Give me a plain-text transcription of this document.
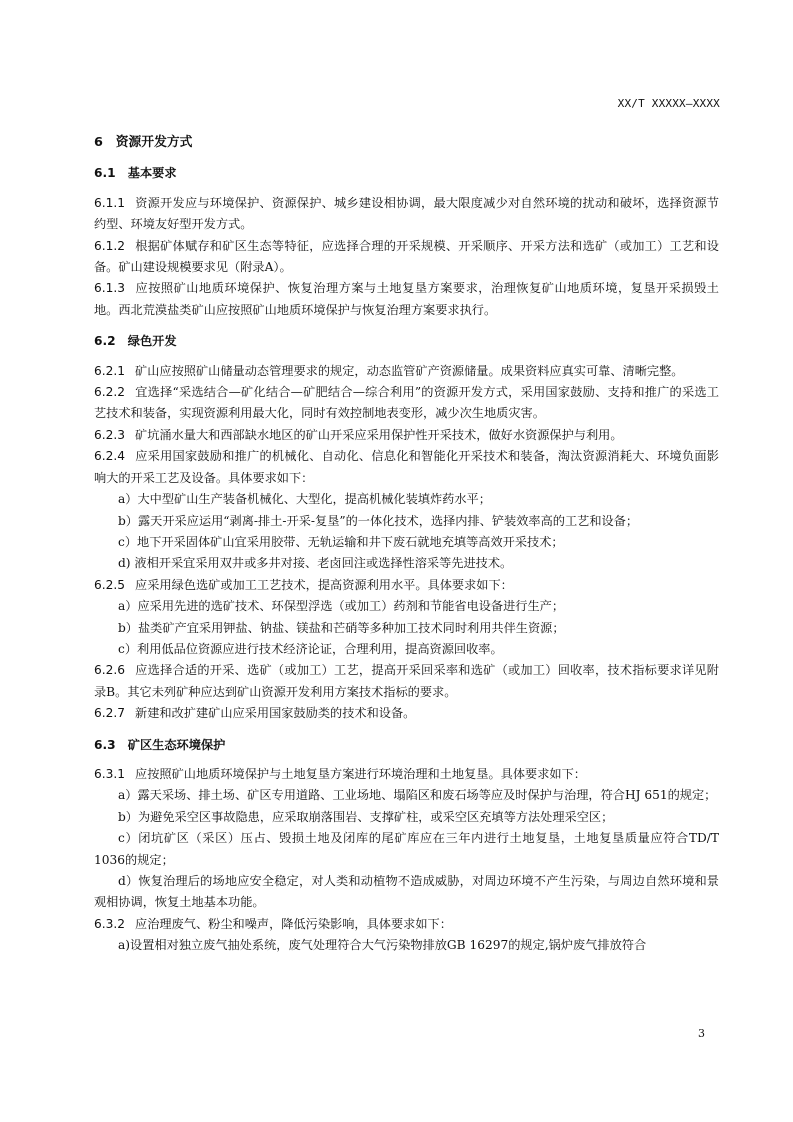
XX/T XXXXX—XXXX
6　资源开发方式
6.1　基本要求

6.1.1 资源开发应与环境保护、资源保护、城乡建设相协调，最大限度减少对自然环境的扰动和破坏，选择资源节约型、环境友好型开发方式。

6.1.2 根据矿体赋存和矿区生态等特征，应选择合理的开采规模、开采顺序、开采方法和选矿（或加工）工艺和设备。矿山建设规模要求见（附录A）。

6.1.3 应按照矿山地质环境保护、恢复治理方案与土地复垦方案要求，治理恢复矿山地质环境，复垦开采损毁土地。西北荒漠盐类矿山应按照矿山地质环境保护与恢复治理方案要求执行。

6.2　绿色开发

6.2.1 矿山应按照矿山储量动态管理要求的规定，动态监管矿产资源储量。成果资料应真实可靠、清晰完整。

6.2.2 宜选择“采选结合—矿化结合—矿肥结合—综合利用”的资源开发方式，采用国家鼓励、支持和推广的采选工艺技术和装备，实现资源利用最大化，同时有效控制地表变形，减少次生地质灾害。

6.2.3 矿坑涌水量大和西部缺水地区的矿山开采应采用保护性开采技术，做好水资源保护与利用。

6.2.4 应采用国家鼓励和推广的机械化、自动化、信息化和智能化开采技术和装备，淘汰资源消耗大、环境负面影响大的开采工艺及设备。具体要求如下：

a）大中型矿山生产装备机械化、大型化，提高机械化装填炸药水平；

b）露天开采应运用“剥离-排土-开采-复垦”的一体化技术，选择内排、铲装效率高的工艺和设备；

c）地下开采固体矿山宜采用胶带、无轨运输和井下废石就地充填等高效开采技术；

d) 液相开采宜采用双井或多井对接、老卤回注或选择性溶采等先进技术。

6.2.5 应采用绿色选矿或加工工艺技术，提高资源利用水平。具体要求如下：

a）应采用先进的选矿技术、环保型浮选（或加工）药剂和节能省电设备进行生产；

b）盐类矿产宜采用钾盐、钠盐、镁盐和芒硝等多种加工技术同时利用共伴生资源；

c）利用低品位资源应进行技术经济论证，合理利用，提高资源回收率。

6.2.6 应选择合适的开采、选矿（或加工）工艺，提高开采回采率和选矿（或加工）回收率，技术指标要求详见附录B。其它未列矿种应达到矿山资源开发利用方案技术指标的要求。

6.2.7 新建和改扩建矿山应采用国家鼓励类的技术和设备。

6.3　矿区生态环境保护

6.3.1 应按照矿山地质环境保护与土地复垦方案进行环境治理和土地复垦。具体要求如下：

a）露天采场、排土场、矿区专用道路、工业场地、塌陷区和废石场等应及时保护与治理，符合HJ 651的规定；

b）为避免采空区事故隐患，应采取崩落围岩、支撑矿柱，或采空区充填等方法处理采空区；

c）闭坑矿区（采区）压占、毁损土地及闭库的尾矿库应在三年内进行土地复垦，土地复垦质量应符合TD/T 1036的规定；

d）恢复治理后的场地应安全稳定，对人类和动植物不造成威胁，对周边环境不产生污染，与周边自然环境和景观相协调，恢复土地基本功能。

6.3.2 应治理废气、粉尘和噪声，降低污染影响，具体要求如下：

a)设置相对独立废气抽处系统，废气处理符合大气污染物排放GB 16297的规定,锅炉废气排放符合

3
